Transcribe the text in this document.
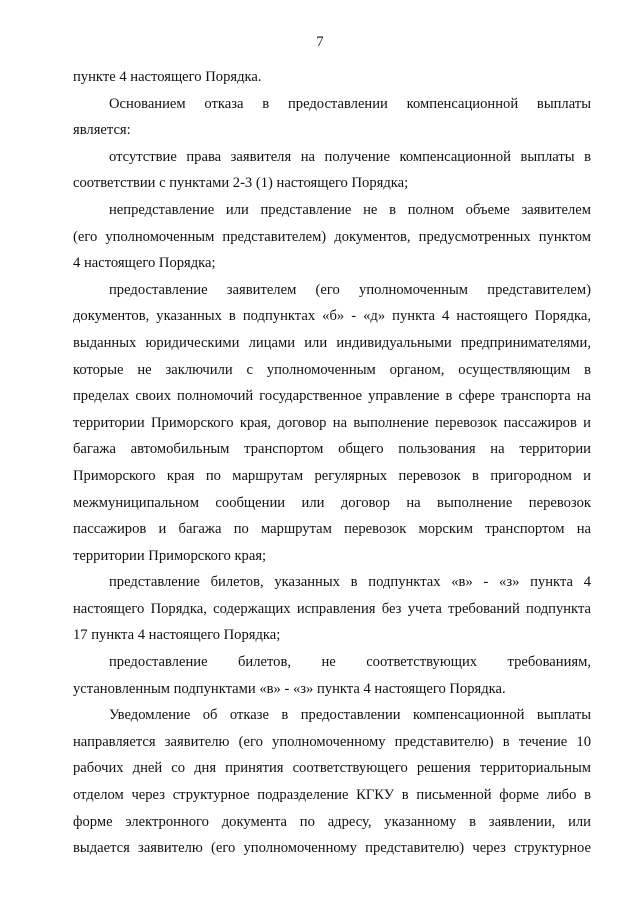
7
пункте 4 настоящего Порядка.
Основанием отказа в предоставлении компенсационной выплаты
является:
отсутствие права заявителя на получение компенсационной выплаты в
соответствии с пунктами 2-3 (1) настоящего Порядка;
непредставление или представление не в полном объеме заявителем
(его уполномоченным представителем) документов, предусмотренных пунктом
4 настоящего Порядка;
предоставление заявителем (его уполномоченным представителем)
документов, указанных в подпунктах «б» - «д» пункта 4 настоящего Порядка,
выданных юридическими лицами или индивидуальными предпринимателями,
которые не заключили с уполномоченным органом, осуществляющим в
пределах своих полномочий государственное управление в сфере транспорта на
территории Приморского края, договор на выполнение перевозок пассажиров и
багажа автомобильным транспортом общего пользования на территории
Приморского края по маршрутам регулярных перевозок в пригородном и
межмуниципальном сообщении или договор на выполнение перевозок
пассажиров и багажа по маршрутам перевозок морским транспортом на
территории Приморского края;
представление билетов, указанных в подпунктах «в» - «з» пункта 4
настоящего Порядка, содержащих исправления без учета требований подпункта
17 пункта 4 настоящего Порядка;
предоставление билетов, не соответствующих требованиям,
установленным подпунктами «в» - «з» пункта 4 настоящего Порядка.
Уведомление об отказе в предоставлении компенсационной выплаты
направляется заявителю (его уполномоченному представителю) в течение 10
рабочих дней со дня принятия соответствующего решения территориальным
отделом через структурное подразделение КГКУ в письменной форме либо в
форме электронного документа по адресу, указанному в заявлении, или
выдается заявителю (его уполномоченному представителю) через структурное
